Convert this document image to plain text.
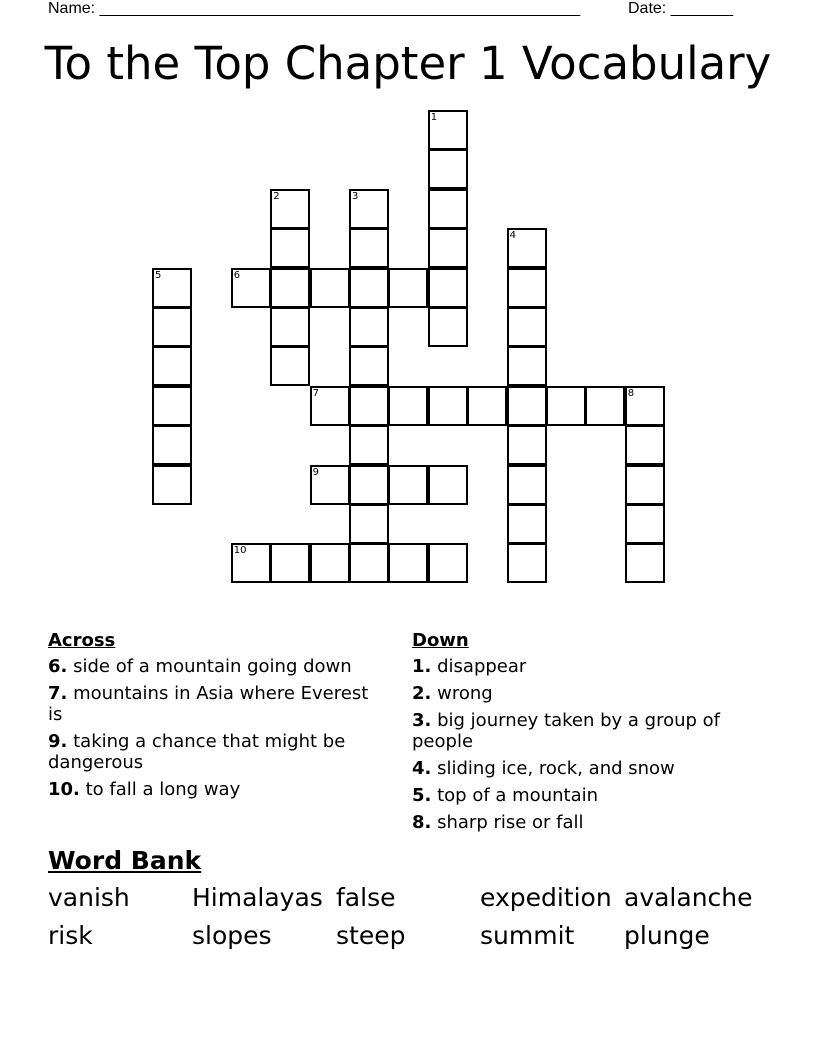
Name: ______________________________________________________	Date: _______
To the Top Chapter 1 Vocabulary
1
2	3
4
5	6
7	8
9
10
Across
6. side of a mountain going down
7. mountains in Asia where Everest is
9. taking a chance that might be dangerous
10. to fall a long way
Down
1. disappear
2. wrong
3. big journey taken by a group of people
4. sliding ice, rock, and snow
5. top of a mountain
8. sharp rise or fall
Word Bank
vanish Himalayas false	expedition avalanche
risk	slopes	steep	summit plunge
